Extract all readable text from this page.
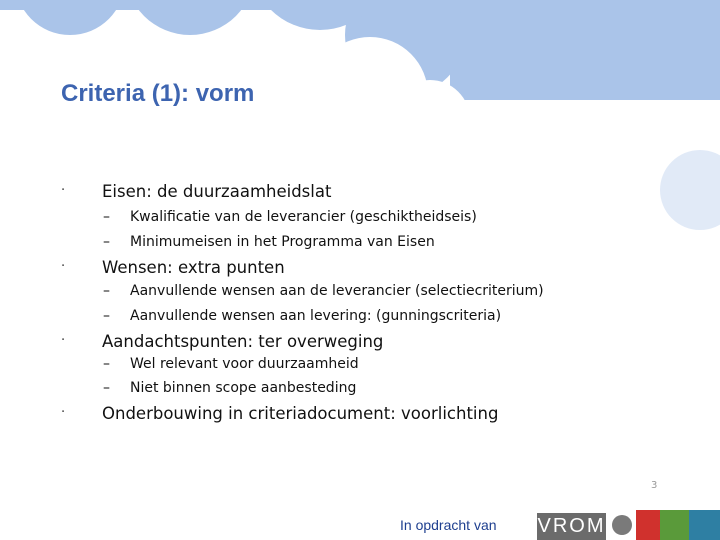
Criteria (1): vorm
· Eisen: de duurzaamheidslat
– Kwalificatie van de leverancier (geschiktheidseis)
– Minimumeisen in het Programma van Eisen
· Wensen: extra punten
– Aanvullende wensen aan de leverancier (selectiecriterium)
– Aanvullende wensen aan levering: (gunningscriteria)
· Aandachtspunten: ter overweging
– Wel relevant voor duurzaamheid
– Niet binnen scope aanbesteding
· Onderbouwing in criteriadocument: voorlichting
3
In opdracht van VROM
